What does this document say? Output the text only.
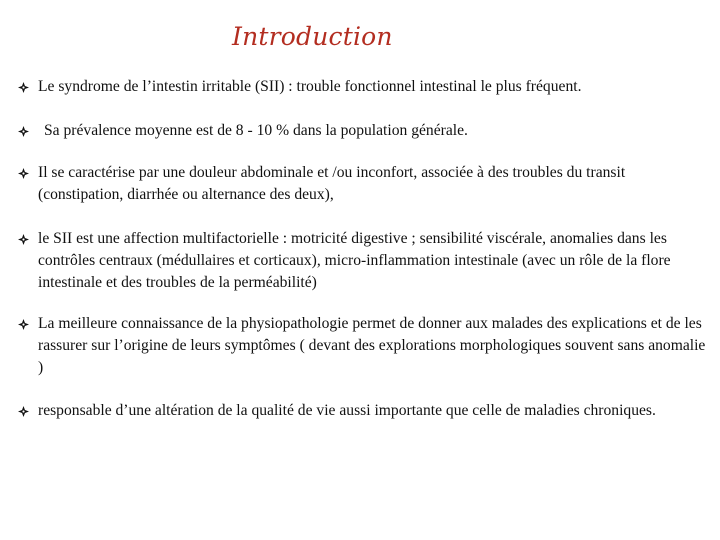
Introduction
Le syndrome de l’intestin irritable (SII) : trouble fonctionnel intestinal le plus fréquent.
Sa prévalence moyenne est de 8 - 10 % dans la population générale.
Il se caractérise par une douleur abdominale et /ou inconfort, associée à des troubles du transit (constipation, diarrhée ou alternance des deux),
le SII est une affection multifactorielle : motricité digestive ; sensibilité viscérale, anomalies dans les contrôles centraux (médullaires et corticaux), micro-inflammation intestinale (avec un rôle de la flore intestinale et des troubles de la perméabilité)
La meilleure connaissance de la physiopathologie permet de donner aux malades des explications et de les rassurer sur l’origine de leurs symptômes ( devant des explorations morphologiques souvent sans anomalie )
responsable d’une altération de la qualité de vie aussi importante que celle de maladies chroniques.
